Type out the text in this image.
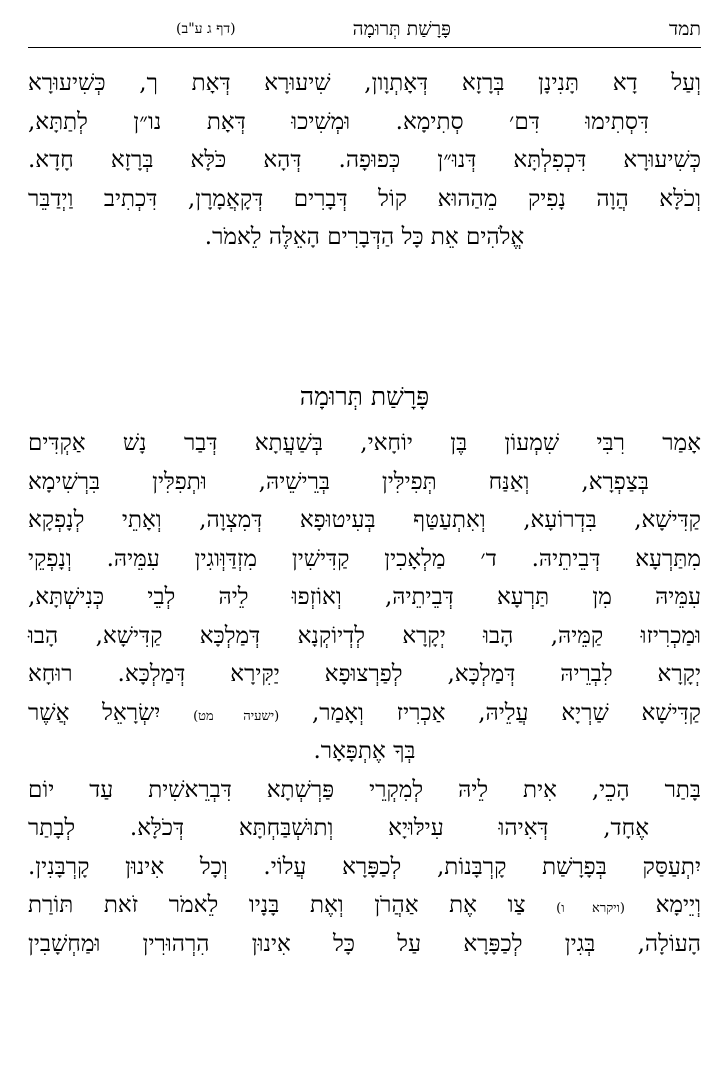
תמד
פָּרָשַׁת תְּרוּמָה
(דף ג ע"ב)
וְעַל דָא תָּנִינָן בְּרָזָא דְּאָתְוָון, שִׁיעוּרָא דְּאָת ך, כְּשִׁיעוּרָא
דִּסְתִימוּ דִּם׳ סְתִימָא. וּמְשִׁיכוּ דְּאָת נו״ן לְתַתָּא,
כְּשִׁיעוּרָא דִּכְפִלְתָּא דְּנוּ״ן כְּפוּפָה. דְּהָא כֹּלָּא בְּרָזָא חָדָא.
וְכֹלָּא הֲוָה נָפִיק מֵהַהוּא קוֹל דְּבָרִים דְּקָאֲמָרָן, דִּכְתִיב וַיְדַבֵּר
אֱלֹהִים אֵת כָּל הַדְּבָרִים הָאֵלֶּה לֵאמֹר.
פָּרָשַׁת תְּרוּמָה
אָמַר רִבִּי שִׁמְעוֹן בֶּן יוֹחָאי, בְּשַׁעֲתָא דְּבַר נָשׁ אַקְדִּים
בְּצַפְרָא, וְאַנַּח תְּפִילִּין בְּרֵישֵׁיהּ, וּתְפִלִּין בִּרְשִׁימָא
קַדִּישָׁא, בִּדְרוֹעָא, וְאִתְעַטַּף בְּעִיטוּפָא דְּמִצְוָה, וְאָתֵי לְנָפְקָא
מִתַּרְעָא דְּבֵיתֵיהּ. ד׳ מַלְאָכִין קַדִּישִׁין מִזְדַּוְּוגִין עִמֵּיהּ. וְנָפְקֵי
עִמֵּיהּ מִן תַּרְעָא דְּבֵיתֵיהּ, וְאוֹזְפוּ לֵיהּ לְבֵי כְּנִישְׁתָּא,
וּמַכְרִיזוּ קַמֵּיהּ, הָבוּ יְקָרָא לְדְיוֹקְנָא דְּמַלְכָּא קַדִּישָׁא, הָבוּ
יְקָרָא לִבְרֵיהּ דְּמַלְכָּא, לְפַרְצוּפָא יַקִּירָא דְּמַלְכָּא. רוּחָא
קַדִּישָׁא שַׁרְיָא עֲלֵיהּ, אַכְרִיז וְאָמַר, (ישעיה מט) יִשְׂרָאֵל אֲשֶׁר
בְּךָ אֶתְפָּאָר.
בָּתַר הָכֵי, אִית לֵיהּ לְמִקְרֵי פַּרְשְׁתָא דִּבְרֵאשִׁית עַד יוֹם
אֶחָד, דְּאִיהוּ עִילּוּיָא וְתוּשְׁבַּחְתָּא דְּכֹלָּא. לְבָתַר
יִתְעַסַּק בְּפָרָשַׁת קָרְבָּנוֹת, לְכַפָּרָא עֲלוֹי. וְכָל אִינוּן קָרְבָּנִין.
וְיֵימָא (ויקרא ו) צַו אֶת אַהֲרֹן וְאֶת בָּנָיו לֵאמֹר זֹאת תּוֹרַת
הָעוֹלָה, בְּגִין לְכַפָּרָא עַל כָּל אִינוּן הִרְהוּרִין וּמַחְשָׁבִין
